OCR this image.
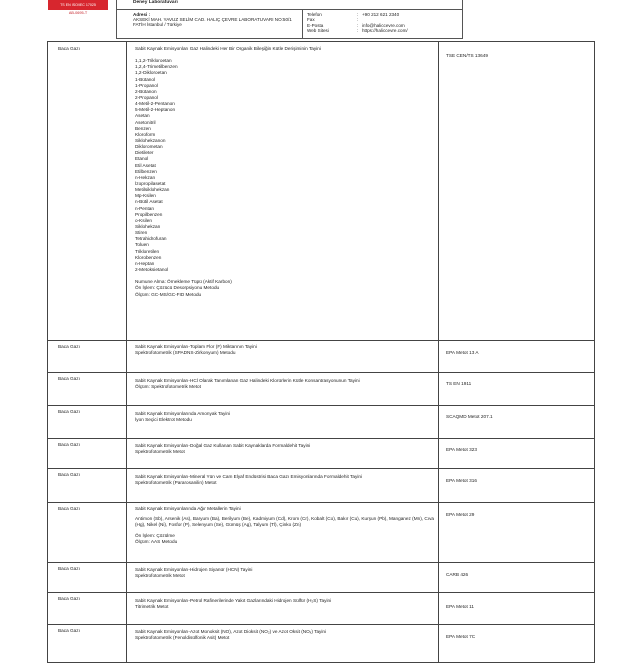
TS EN ISO/IEC 17025
AB-0695-T
Deney Laboratuvarı
Adresi :
AKSEKİ MAH. YAVUZ SELİM CAD. HALIÇ ÇEVRE LABORATUVARI NO:50/1
FATİH İstanbul / Türkiye
Telefon	: +90 212 621 2340
Fax	:
E-Posta	: info@haliccevre.com
Web Sitesi	: https://haliccevre.com/
Baca Gazı	Sabit Kaynak Emisyonları Gaz Halindeki Her Bir Organik Bileşiğin Kütle Derişiminin Tayini
1,1,2-Trikloroetan
1,2,4-Trimetilbenzen
1,2-Dikloroetan
1-Bütanol
1-Propanol
2-Bütanon
2-Propanol
4-Metil-2-Pentanon
5-Metil-2-Heptanon
Asetan
Asetonitril
Benzen
Kloroform
Siklohekzanon
Diklorometan
Dietileter
Etanol
Etil Asetat
Etilbenzen
n-Hekzan
İzopropilasetat
Metilsiklohekzan
Mp-Ksilen
n-Bütil Asetat
n-Pentan
Propilbenzen
o-Ksilen
Siklohekzan
Stiren
Tetrahidrofuran
Toluen
Trikloretilen
Klorobenzen
n-Heptan
2-Metoksietanol
Numune Alma: Örnekleme Tüpü (Aktif Karbon)
Ön İşlem: Çözücü Desorpsiyonu Metodu
Ölçüm: GC-MS/GC-FID Metodu
TSE CEN/TS 13649
Baca Gazı	Sabit Kaynak Emisyonları-Toplam Flor (F) Miktarının Tayini
Spektrofotometrik (SPADNS-Zirkonyum) Metodu	EPA Metot 13 A
Baca Gazı	Sabit Kaynak Emisyonları-HCl Olarak Tanımlanan Gaz Halindeki Klorürlerin Kütle Konsantrasyonunun Tayini
Ölçüm: Spektrofotometrik Metot
TS EN 1911
Baca Gazı	Sabit Kaynak Emisyonlarında Amonyak Tayini
İyon Seçici Elektrot Metodu
SCAQMD Metot 207.1
Baca Gazı	Sabit Kaynak Emisyonları-Doğal Gaz Kullanan Sabit Kaynaklarda Formaldehit Tayini
Spektrofotometrik Metot	EPA Metot 323
Baca Gazı	Sabit Kaynak Emisyonları-Mineral Yün ve Cam Elyaf Endüstrisi Baca Gazı Emisyonlarında Formaldehit Tayini
Spektrofotometrik (Pararosanilin) Metot	EPA Metot 316
Baca Gazı	Sabit Kaynak Emisyonlarında Ağır Metallerin Tayini
Antimon (Sb), Arsenik (As), Baryum (Ba), Berilyum (Be), Kadmiyum (Cd), Krom (Cr), Kobalt (Co), Bakır (Cu), Kurşun (Pb), Manganez (Mn), Cıva (Hg), Nikel (Ni), Fosfor (P), Selenyum (Se), Gümüş (Ag), Talyum (Tl), Çinko (Zn)
Ön İşlem: Çözülme
Ölçüm: AAS Metodu
EPA Metot 29
Baca Gazı	Sabit Kaynak Emisyonları-Hidrojen Siyanür (HCN) Tayini
Spektrofotometrik Metot	CARB 426
Baca Gazı	Sabit Kaynak Emisyonları-Petrol Rafinerilerinde Yakıt Gazlarındaki Hidrojen Sülfür (H₂S) Tayini
Titrimetrik Metot	EPA Metot 11
Baca Gazı	Sabit Kaynak Emisyonları-Azot Monoksit (NO), Azot Dioksit (NO₂) ve Azot Oksit (NOₓ) Tayini
Spektrofotometrik (Fenoldisülfonik Asit) Metot	EPA Metot 7C
